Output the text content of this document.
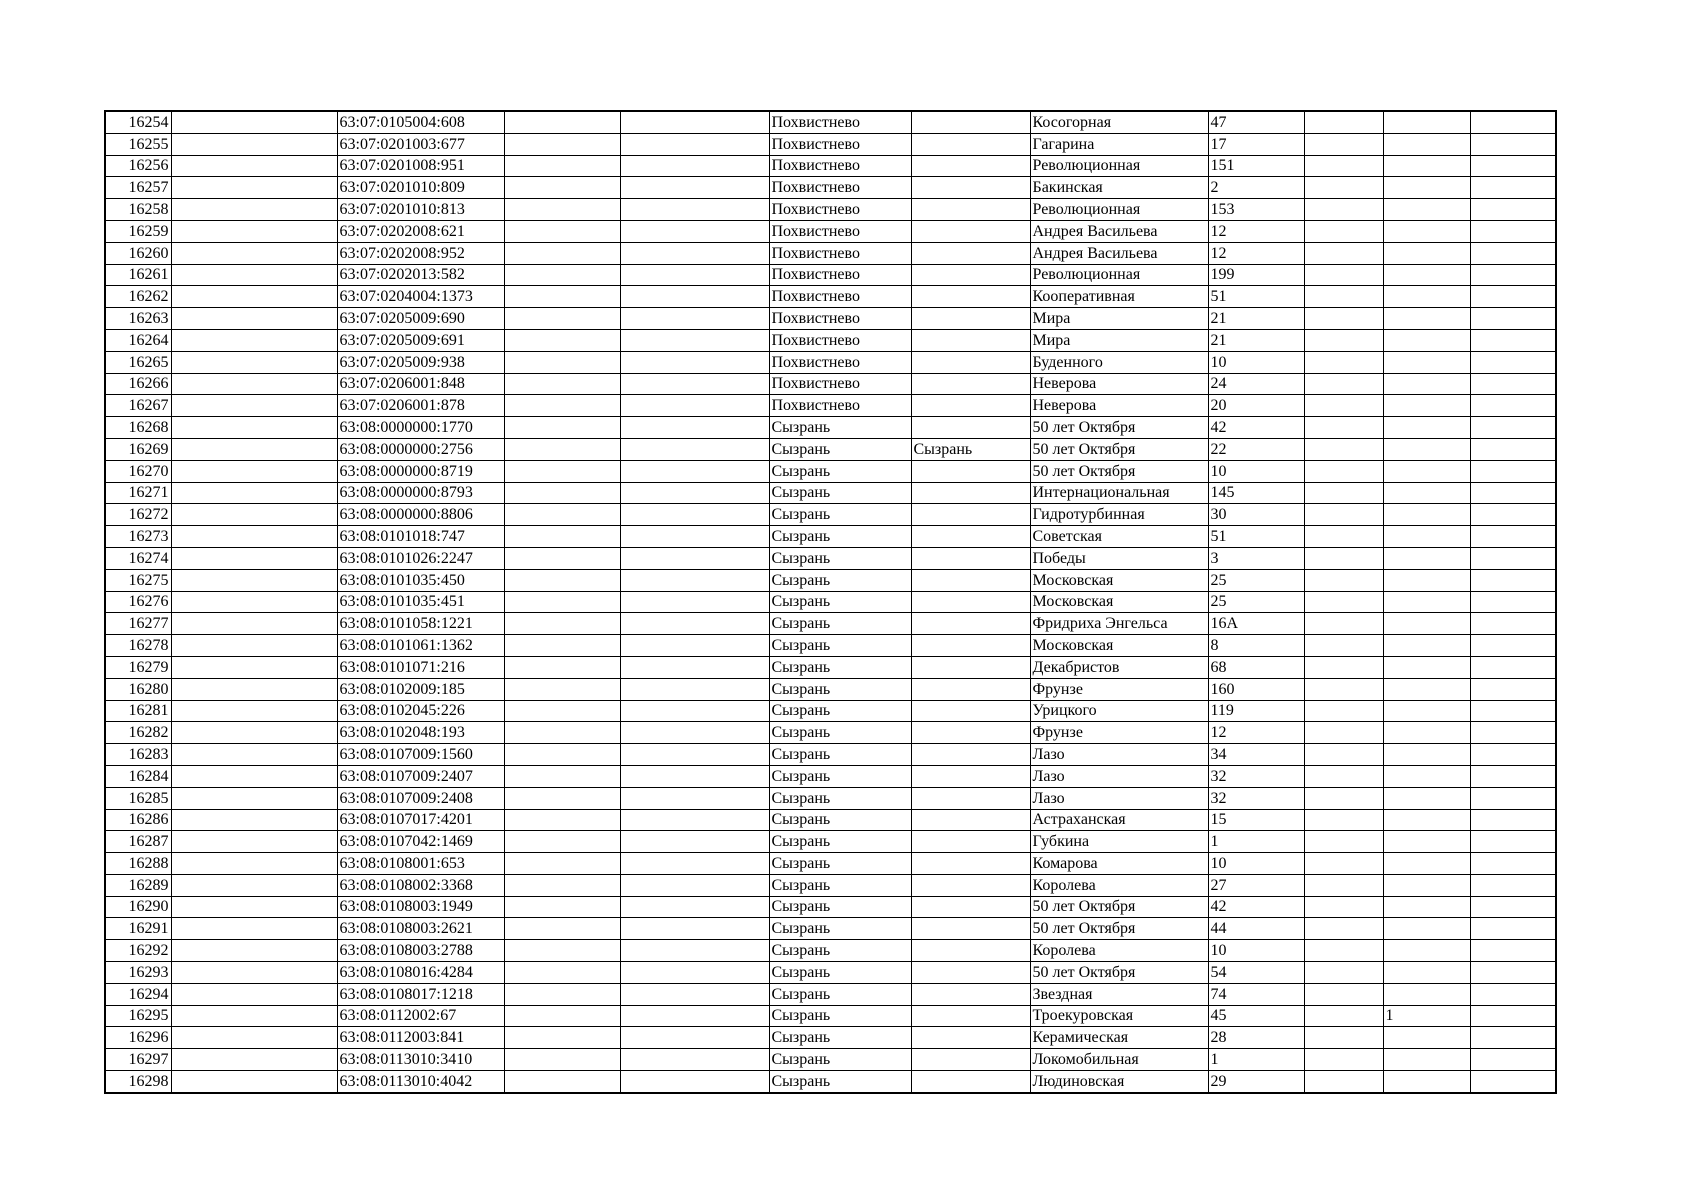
16254		63:07:0105004:608			Похвистнево		Косогорная	47			
16255		63:07:0201003:677			Похвистнево		Гагарина	17			
16256		63:07:0201008:951			Похвистнево		Революционная	151			
16257		63:07:0201010:809			Похвистнево		Бакинская	2			
16258		63:07:0201010:813			Похвистнево		Революционная	153			
16259		63:07:0202008:621			Похвистнево		Андрея Васильева	12			
16260		63:07:0202008:952			Похвистнево		Андрея Васильева	12			
16261		63:07:0202013:582			Похвистнево		Революционная	199			
16262		63:07:0204004:1373			Похвистнево		Кооперативная	51			
16263		63:07:0205009:690			Похвистнево		Мира	21			
16264		63:07:0205009:691			Похвистнево		Мира	21			
16265		63:07:0205009:938			Похвистнево		Буденного	10			
16266		63:07:0206001:848			Похвистнево		Неверова	24			
16267		63:07:0206001:878			Похвистнево		Неверова	20			
16268		63:08:0000000:1770			Сызрань		50 лет Октября	42			
16269		63:08:0000000:2756			Сызрань	Сызрань	50 лет Октября	22			
16270		63:08:0000000:8719			Сызрань		50 лет Октября	10			
16271		63:08:0000000:8793			Сызрань		Интернациональная	145			
16272		63:08:0000000:8806			Сызрань		Гидротурбинная	30			
16273		63:08:0101018:747			Сызрань		Советская	51			
16274		63:08:0101026:2247			Сызрань		Победы	3			
16275		63:08:0101035:450			Сызрань		Московская	25			
16276		63:08:0101035:451			Сызрань		Московская	25			
16277		63:08:0101058:1221			Сызрань		Фридриха Энгельса	16А			
16278		63:08:0101061:1362			Сызрань		Московская	8			
16279		63:08:0101071:216			Сызрань		Декабристов	68			
16280		63:08:0102009:185			Сызрань		Фрунзе	160			
16281		63:08:0102045:226			Сызрань		Урицкого	119			
16282		63:08:0102048:193			Сызрань		Фрунзе	12			
16283		63:08:0107009:1560			Сызрань		Лазо	34			
16284		63:08:0107009:2407			Сызрань		Лазо	32			
16285		63:08:0107009:2408			Сызрань		Лазо	32			
16286		63:08:0107017:4201			Сызрань		Астраханская	15			
16287		63:08:0107042:1469			Сызрань		Губкина	1			
16288		63:08:0108001:653			Сызрань		Комарова	10			
16289		63:08:0108002:3368			Сызрань		Королева	27			
16290		63:08:0108003:1949			Сызрань		50 лет Октября	42			
16291		63:08:0108003:2621			Сызрань		50 лет Октября	44			
16292		63:08:0108003:2788			Сызрань		Королева	10			
16293		63:08:0108016:4284			Сызрань		50 лет Октября	54			
16294		63:08:0108017:1218			Сызрань		Звездная	74			
16295		63:08:0112002:67			Сызрань		Троекуровская	45		1	
16296		63:08:0112003:841			Сызрань		Керамическая	28			
16297		63:08:0113010:3410			Сызрань		Локомобильная	1			
16298		63:08:0113010:4042			Сызрань		Людиновская	29			
